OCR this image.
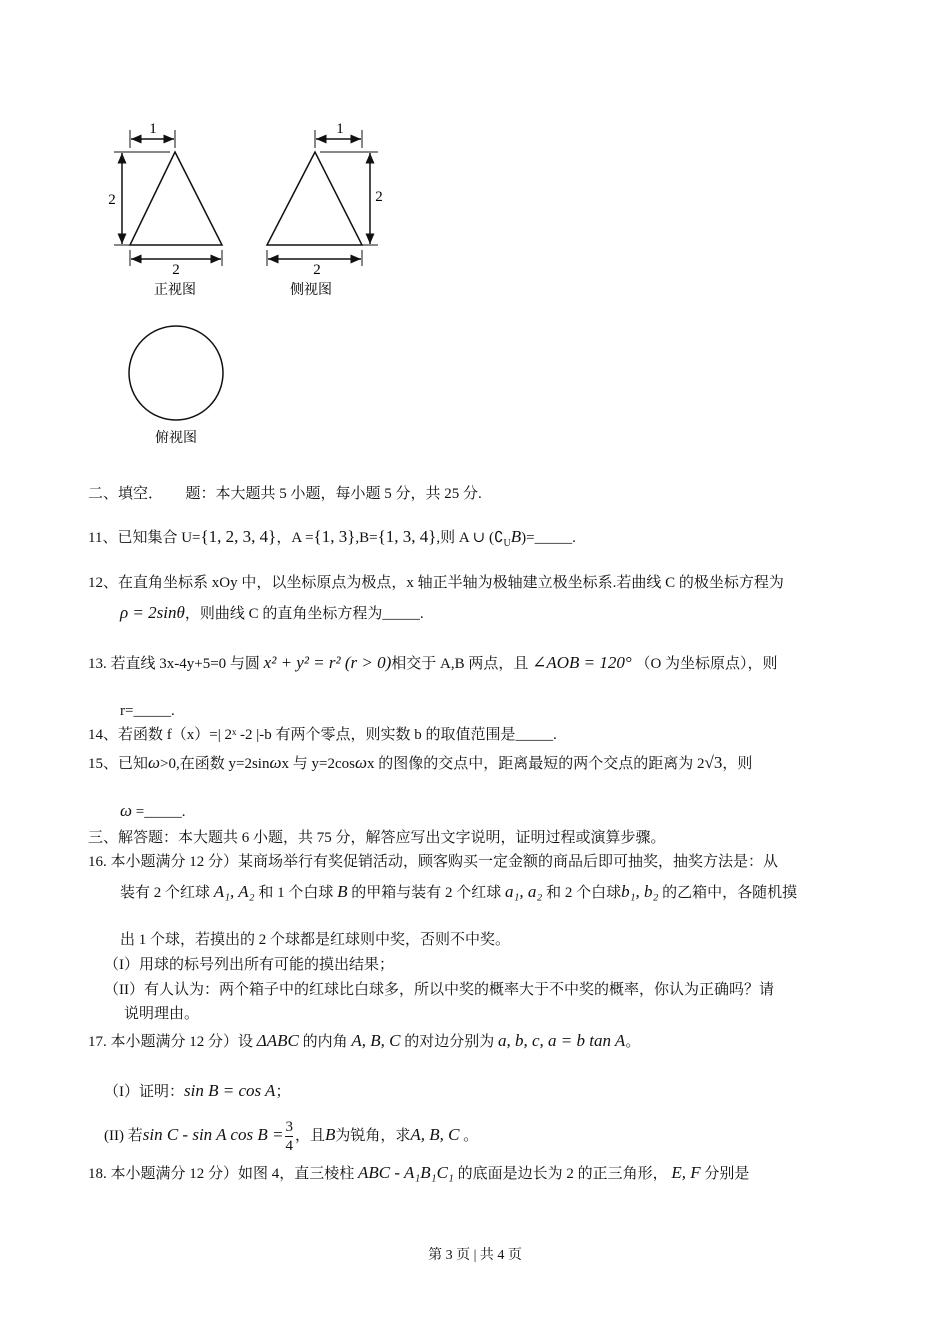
1
2
2
正视图
1
2
2
侧视图
俯视图
二、填空．　　题：本大题共 5 小题，每小题 5 分，共 25 分.
11、已知集合 U={1, 2, 3, 4}，A ={1, 3},B={1, 3, 4},则 A ∪ $(∁_UB)=\_\_\_\_\_$.
12、在直角坐标系 xOy 中，以坐标原点为极点，x 轴正半轴为极轴建立极坐标系.若曲线 C 的极坐标方程为
ρ = 2sinθ，则曲线 C 的直角坐标方程为_____.
13. 若直线 3x-4y+5=0 与圆 x² + y² = r² (r > 0)相交于 A,B 两点，且 ∠AOB = 120° （O 为坐标原点），则
r=_____.
14、若函数 f（x）=| 2ˣ -2 |-b 有两个零点，则实数 b 的取值范围是_____.
15、已知ω>0,在函数 y=2sinωx 与 y=2cosωx 的图像的交点中，距离最短的两个交点的距离为 2√3，则
ω =_____.
三、解答题：本大题共 6 小题，共 75 分，解答应写出文字说明，证明过程或演算步骤。
16. 本小题满分 12 分）某商场举行有奖促销活动，顾客购买一定金额的商品后即可抽奖，抽奖方法是：从
装有 2 个红球 A₁, A₂ 和 1 个白球 B 的甲箱与装有 2 个红球 a₁, a₂ 和 2 个白球b₁, b₂ 的乙箱中，各随机摸
出 1 个球，若摸出的 2 个球都是红球则中奖，否则不中奖。
（I）用球的标号列出所有可能的摸出结果；
（II）有人认为：两个箱子中的红球比白球多，所以中奖的概率大于不中奖的概率，你认为正确吗？请
说明理由。
17. 本小题满分 12 分）设 ΔABC 的内角 A, B, C 的对边分别为 a, b, c, a = b tan A。
（I）证明：sin B = cos A；
(II) 若sin C - sin A $\cos B = \frac{3}{4}$ ，且B为锐角，求A, B, C 。
18. 本小题满分 12 分）如图 4，直三棱柱 ABC - A₁B₁C₁ 的底面是边长为 2 的正三角形， E, F 分别是
第 3 页 | 共 4 页
